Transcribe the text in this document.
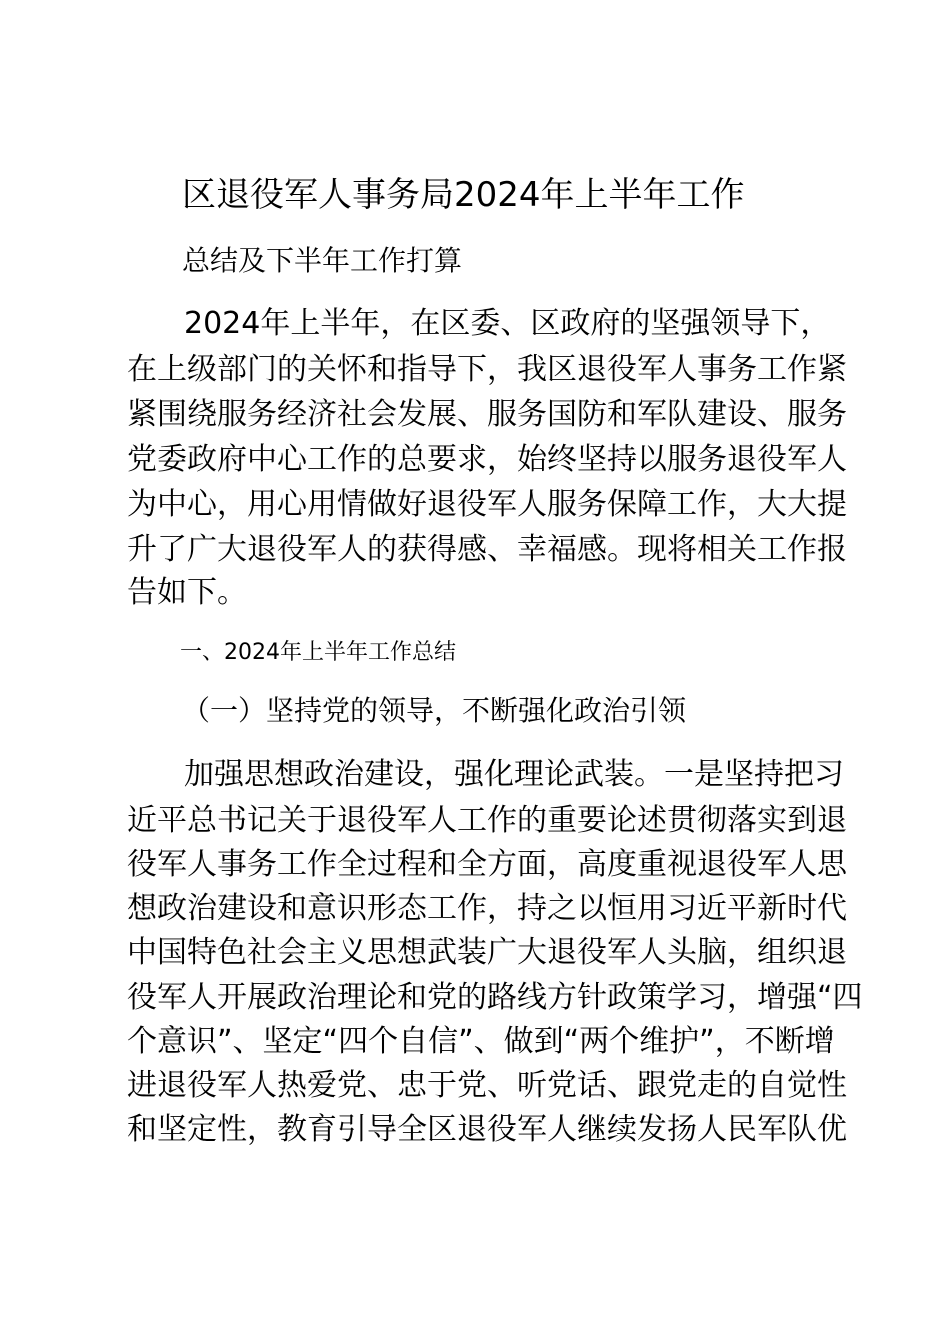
区退役军人事务局2024年上半年工作
总结及下半年工作打算
2024年上半年，在区委、区政府的坚强领导下，
在上级部门的关怀和指导下，我区退役军人事务工作紧
紧围绕服务经济社会发展、服务国防和军队建设、服务
党委政府中心工作的总要求，始终坚持以服务退役军人
为中心，用心用情做好退役军人服务保障工作，大大提
升了广大退役军人的获得感、幸福感。现将相关工作报
告如下。
一、2024年上半年工作总结
（一）坚持党的领导，不断强化政治引领
加强思想政治建设，强化理论武装。一是坚持把习
近平总书记关于退役军人工作的重要论述贯彻落实到退
役军人事务工作全过程和全方面，高度重视退役军人思
想政治建设和意识形态工作，持之以恒用习近平新时代
中国特色社会主义思想武装广大退役军人头脑，组织退
役军人开展政治理论和党的路线方针政策学习，增强“四
个意识”、坚定“四个自信”、做到“两个维护”，不断增
进退役军人热爱党、忠于党、听党话、跟党走的自觉性
和坚定性，教育引导全区退役军人继续发扬人民军队优
